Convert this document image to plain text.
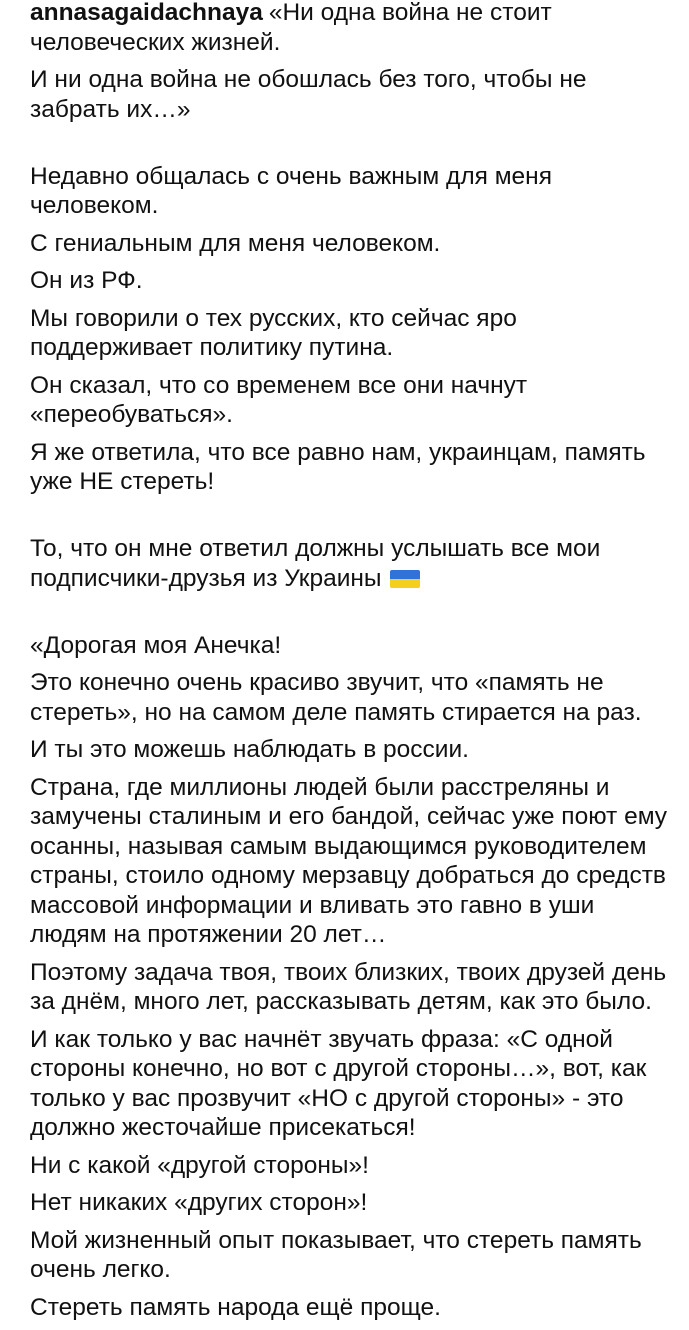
annasagaidachnaya «Ни одна война не стоит человеческих жизней.
И ни одна война не обошлась без того, чтобы не забрать их…»
Недавно общалась с очень важным для меня человеком.
С гениальным для меня человеком.
Он из РФ.
Мы говорили о тех русских, кто сейчас яро поддерживает политику путина.
Он сказал, что со временем все они начнут «переобуваться».
Я же ответила, что все равно нам, украинцам, память уже НЕ стереть!
То, что он мне ответил должны услышать все мои подписчики-друзья из Украины
«Дорогая моя Анечка!
Это конечно очень красиво звучит, что «память не стереть», но на самом деле память стирается на раз.
И ты это можешь наблюдать в россии.
Страна, где миллионы людей были расстреляны и замучены сталиным и его бандой, сейчас уже поют ему осанны, называя самым выдающимся руководителем страны, стоило одному мерзавцу добраться до средств массовой информации и вливать это гавно в уши людям на протяжении 20 лет…
Поэтому задача твоя, твоих близких, твоих друзей день за днём, много лет, рассказывать детям, как это было.
И как только у вас начнёт звучать фраза: «С одной стороны конечно, но вот с другой стороны…», вот, как только у вас прозвучит «НО с другой стороны» - это должно жесточайше присекаться!
Ни с какой «другой стороны»!
Нет никаких «других сторон»!
Мой жизненный опыт показывает, что стереть память очень легко.
Стереть память народа ещё проще.
